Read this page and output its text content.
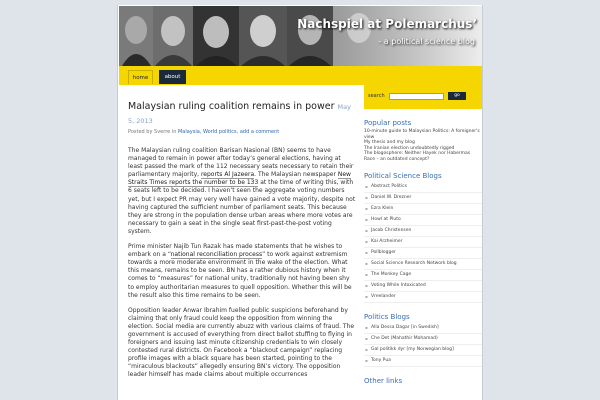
Nachspiel at Polemarchus’
- a political science blog
home	about
Malaysian ruling coalition remains in power May 5, 2013
Posted by Sverre in Malaysia, World politics, add a comment

The Malaysian ruling coalition Barisan Nasional (BN) seems to have managed to remain in power after today’s general elections, having at least passed the mark of the 112 necessary seats necessary to retain their parliamentary majority, reports Al Jazeera. The Malaysian newspaper New Straits Times reports the number to be 133 at the time of writing this, with 6 seats left to be decided. I haven’t seen the aggregate voting numbers yet, but I expect PR may very well have gained a vote majority, despite not having captured the sufficient number of parliament seats. This because they are strong in the population dense urban areas where more votes are necessary to gain a seat in the single seat first-past-the-post voting system.

Prime minister Najib Tun Razak has made statements that he wishes to embark on a “national reconciliation process” to work against extremism towards a more moderate environment in the wake of the election. What this means, remains to be seen. BN has a rather dubious history when it comes to “measures” for national unity, traditionally not having been shy to employ authoritarian measures to quell opposition. Whether this will be the result also this time remains to be seen.

Opposition leader Anwar Ibrahim fuelled public suspicions beforehand by claiming that only fraud could keep the opposition from winning the election. Social media are currently abuzz with various claims of fraud. The government is accused of everything from direct ballot stuffing to flying in foreigners and issuing last minute citizenship credentials to win closely contested rural districts. On Facebook a “blackout campaign” replacing profile images with a black square has been started, pointing to the “miraculous blackouts” allegedly ensuring BN’s victory. The opposition leader himself has made claims about multiple occurrences

search	go
Popular posts
10-minute guide to Malaysian Politics: A foreigner's view
My thesis and my blog
The Iranian election undoubtedly rigged
The blogosphere: Neither Hayek nor Habermas
Race – an outdated concept?
Political Science Blogs
▪ Abstract Politics
▪ Daniel W. Drezner
▪ Ezra Klein
▪ Howl at Pluto
▪ Jacob Christensen
▪ Kai Arzheimer
▪ Pollblogger
▪ Social Science Research Network blog
▪ The Monkey Cage
▪ Voting While Intoxicated
▪ Vreelander
Politics Blogs
▪ Alla Dessa Dagar [in Swedish]
▪ Che Det (Mahathir Mohamad)
▪ Gal politikk dyr [my Norwegian blog]
▪ Tony Pua
Other links
